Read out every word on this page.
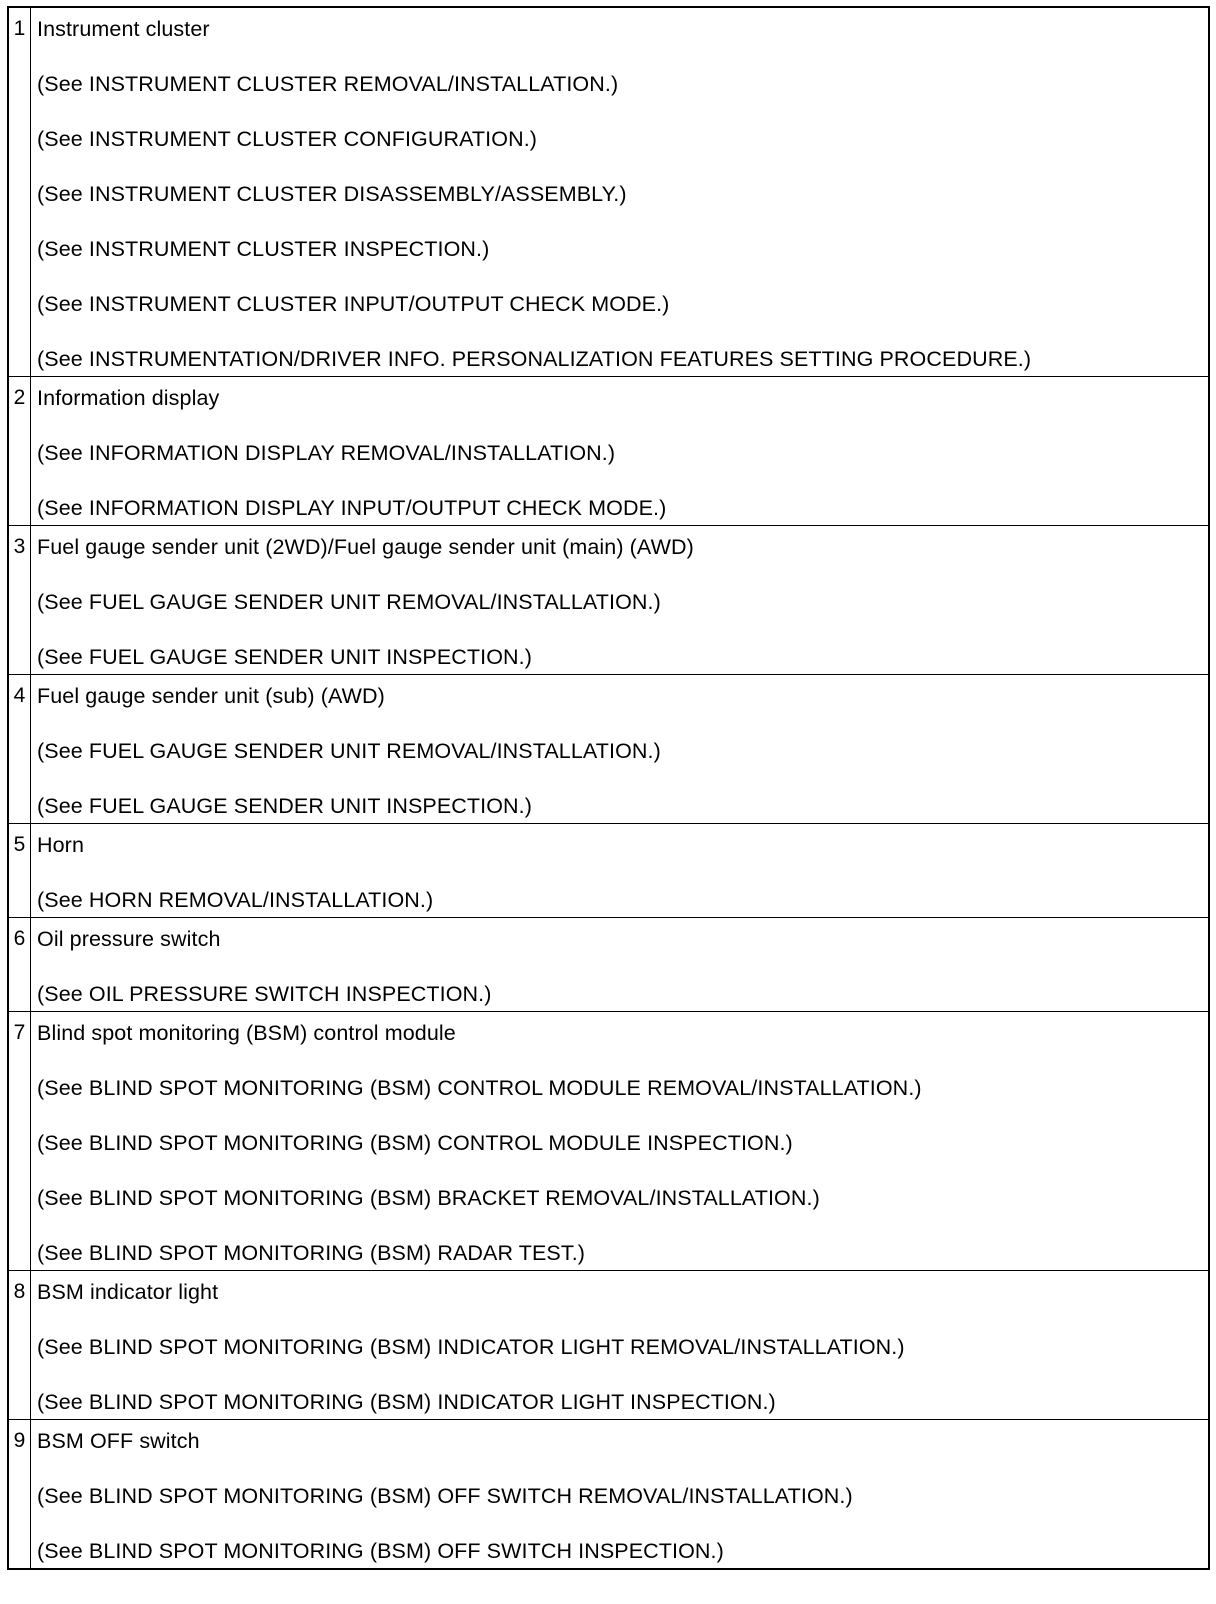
1 Instrument cluster
(See INSTRUMENT CLUSTER REMOVAL/INSTALLATION.)
(See INSTRUMENT CLUSTER CONFIGURATION.)
(See INSTRUMENT CLUSTER DISASSEMBLY/ASSEMBLY.)
(See INSTRUMENT CLUSTER INSPECTION.)
(See INSTRUMENT CLUSTER INPUT/OUTPUT CHECK MODE.)
(See INSTRUMENTATION/DRIVER INFO. PERSONALIZATION FEATURES SETTING PROCEDURE.)
2 Information display
(See INFORMATION DISPLAY REMOVAL/INSTALLATION.)
(See INFORMATION DISPLAY INPUT/OUTPUT CHECK MODE.)
3 Fuel gauge sender unit (2WD)/Fuel gauge sender unit (main) (AWD)
(See FUEL GAUGE SENDER UNIT REMOVAL/INSTALLATION.)
(See FUEL GAUGE SENDER UNIT INSPECTION.)
4 Fuel gauge sender unit (sub) (AWD)
(See FUEL GAUGE SENDER UNIT REMOVAL/INSTALLATION.)
(See FUEL GAUGE SENDER UNIT INSPECTION.)
5 Horn
(See HORN REMOVAL/INSTALLATION.)
6 Oil pressure switch
(See OIL PRESSURE SWITCH INSPECTION.)
7 Blind spot monitoring (BSM) control module
(See BLIND SPOT MONITORING (BSM) CONTROL MODULE REMOVAL/INSTALLATION.)
(See BLIND SPOT MONITORING (BSM) CONTROL MODULE INSPECTION.)
(See BLIND SPOT MONITORING (BSM) BRACKET REMOVAL/INSTALLATION.)
(See BLIND SPOT MONITORING (BSM) RADAR TEST.)
8 BSM indicator light
(See BLIND SPOT MONITORING (BSM) INDICATOR LIGHT REMOVAL/INSTALLATION.)
(See BLIND SPOT MONITORING (BSM) INDICATOR LIGHT INSPECTION.)
9 BSM OFF switch
(See BLIND SPOT MONITORING (BSM) OFF SWITCH REMOVAL/INSTALLATION.)
(See BLIND SPOT MONITORING (BSM) OFF SWITCH INSPECTION.)
